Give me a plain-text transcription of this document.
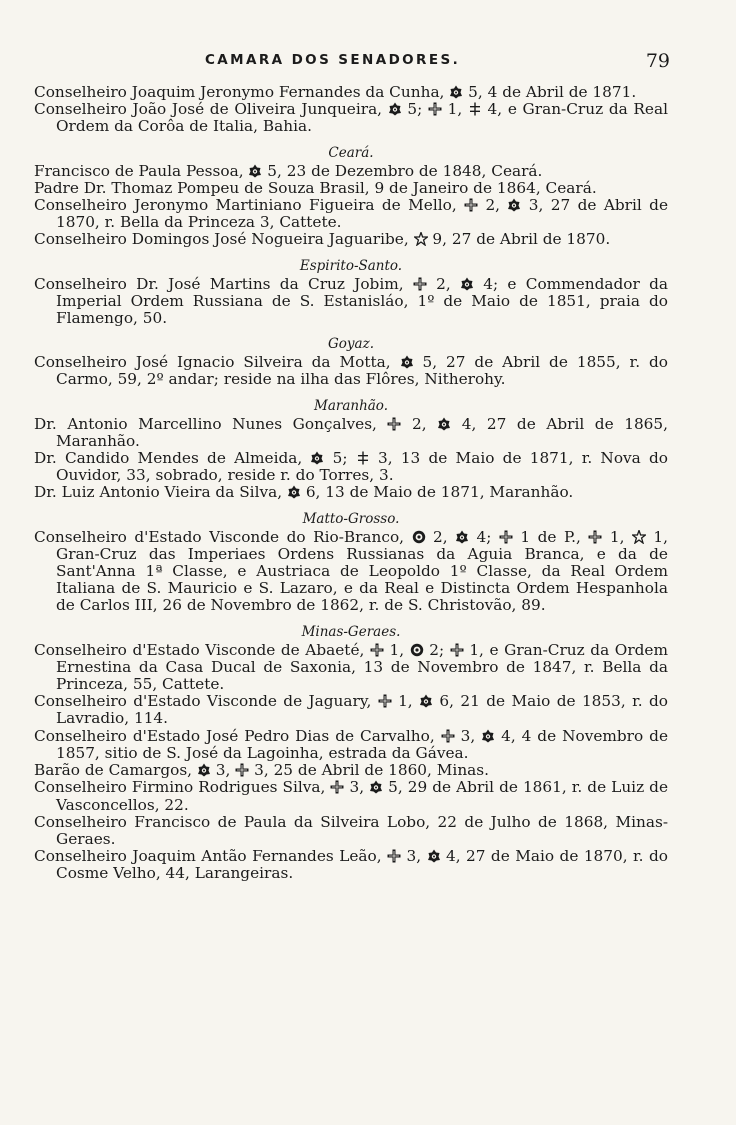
CAMARA DOS SENADORES.	79
Conselheiro Joaquim Jeronymo Fernandes da Cunha,
5, 4 de Abril de 1871.
Conselheiro João José de Oliveira Junqueira,
5;
1,
4, e Gran-Cruz da Real Ordem da Corôa de Italia, Bahia.
Ceará.
Francisco de Paula Pessoa,
5, 23 de Dezembro de 1848, Ceará.
Padre Dr. Thomaz Pompeu de Souza Brasil, 9 de Janeiro de 1864, Ceará.
Conselheiro Jeronymo Martiniano Figueira de Mello,
2,
3, 27 de Abril de 1870, r. Bella da Princeza 3, Cattete.
Conselheiro Domingos José Nogueira Jaguaribe,
9, 27 de Abril de 1870.
Espirito-Santo.
Conselheiro Dr. José Martins da Cruz Jobim,
2,
4; e Commendador da Imperial Ordem Russiana de S. Estanisláo, 1º de Maio de 1851, praia do Flamengo, 50.
Goyaz.
Conselheiro José Ignacio Silveira da Motta,
5, 27 de Abril de 1855, r. do Carmo, 59, 2º andar; reside na ilha das Flôres, Nitherohy.
Maranhão.
Dr. Antonio Marcellino Nunes Gonçalves,
2,
4, 27 de Abril de 1865, Maranhão.
Dr. Candido Mendes de Almeida,
5;
3, 13 de Maio de 1871, r. Nova do Ouvidor, 33, sobrado, reside r. do Torres, 3.
Dr. Luiz Antonio Vieira da Silva,
6, 13 de Maio de 1871, Maranhão.
Matto-Grosso.
Conselheiro d'Estado Visconde do Rio-Branco,
2,
4;
1 de P.,
1,
1, Gran-Cruz das Imperiaes Ordens Russianas da Aguia Branca, e da de Sant'Anna 1ª Classe, e Austriaca de Leopoldo 1º Classe, da Real Ordem Italiana de S. Mauricio e S. Lazaro, e da Real e Distincta Ordem Hespanhola de Carlos III, 26 de Novembro de 1862, r. de S. Christovão, 89.
Minas-Geraes.
Conselheiro d'Estado Visconde de Abaeté,
1,
2;
1, e Gran-Cruz da Ordem Ernestina da Casa Ducal de Saxonia, 13 de Novembro de 1847, r. Bella da Princeza, 55, Cattete.
Conselheiro d'Estado Visconde de Jaguary,
1,
6, 21 de Maio de 1853, r. do Lavradio, 114.
Conselheiro d'Estado José Pedro Dias de Carvalho,
3,
4, 4 de Novembro de 1857, sitio de S. José da Lagoinha, estrada da Gávea.
Barão de Camargos,
3,
3, 25 de Abril de 1860, Minas.
Conselheiro Firmino Rodrigues Silva,
3,
5, 29 de Abril de 1861, r. de Luiz de Vasconcellos, 22.
Conselheiro Francisco de Paula da Silveira Lobo, 22 de Julho de 1868, Minas-Geraes.
Conselheiro Joaquim Antão Fernandes Leão,
3,
4, 27 de Maio de 1870, r. do Cosme Velho, 44, Larangeiras.
